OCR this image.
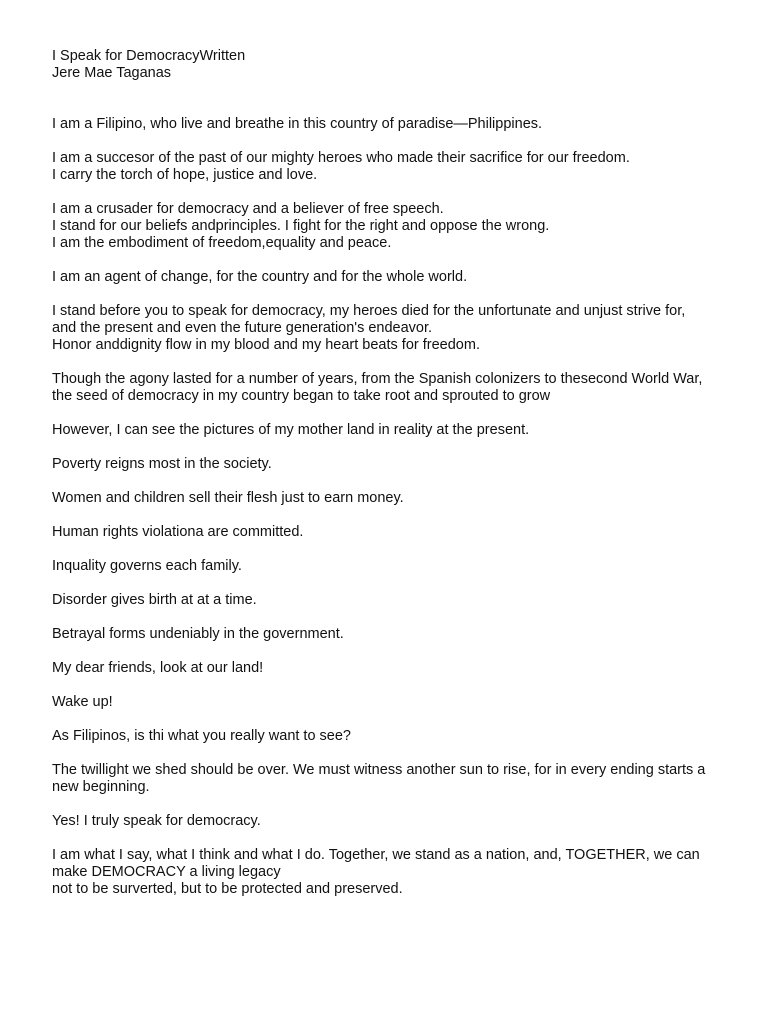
I Speak for DemocracyWritten
Jere Mae Taganas
I am a Filipino, who live and breathe in this country of paradise—Philippines.
I am a succesor of the past of our mighty heroes who made their sacrifice for our freedom.
I carry the torch of hope, justice and love.
I am a crusader for democracy and a believer of free speech.
I stand for our beliefs andprinciples. I fight for the right and oppose the wrong.
I am the embodiment of freedom,equality and peace.
I am an agent of change, for the country and for the whole world.
I stand before you to speak for democracy, my heroes died for the unfortunate and unjust strive for,
and the present and even the future generation's endeavor.
Honor anddignity flow in my blood and my heart beats for freedom.
Though the agony lasted for a number of years, from the Spanish colonizers to thesecond World War,
the seed of democracy in my country began to take root and sprouted to grow
However, I can see the pictures of my mother land in reality at the present.
Poverty reigns most in the society.
Women and children sell their flesh just to earn money.
Human rights violationa are committed.
Inquality governs each family.
Disorder gives birth at at a time.
Betrayal forms undeniably in the government.
My dear friends, look at our land!
Wake up!
As Filipinos, is thi what you really want to see?
The twillight we shed should be over. We must witness another sun to rise, for in every ending starts a new beginning.
Yes! I truly speak for democracy.
I am what I say, what I think and what I do. Together, we stand as a nation, and, TOGETHER, we can make DEMOCRACY a living legacy
not to be surverted, but to be protected and preserved.
